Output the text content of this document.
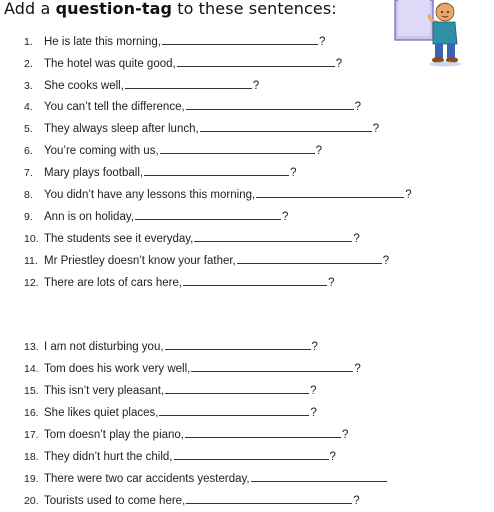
Add a question-tag to these sentences:
1. He is late this morning,	?
2. The hotel was quite good,	?
3. She cooks well,	?
4. You can’t tell the difference,	?
5. They always sleep after lunch,	?
6. You’re coming with us,	?
7. Mary plays football,	?
8. You didn’t have any lessons this morning,	?
9. Ann is on holiday,	?
10. The students see it everyday,	?
11. Mr Priestley doesn’t know your father,	?
12. There are lots of cars here,	?
13. I am not disturbing you,	?
14. Tom does his work very well,	?
15. This isn’t very pleasant,	?
16. She likes quiet places,	?
17. Tom doesn’t play the piano,	?
18. They didn’t hurt the child,	?
19. There were two car accidents yesterday,
20. Tourists used to come here,	?
